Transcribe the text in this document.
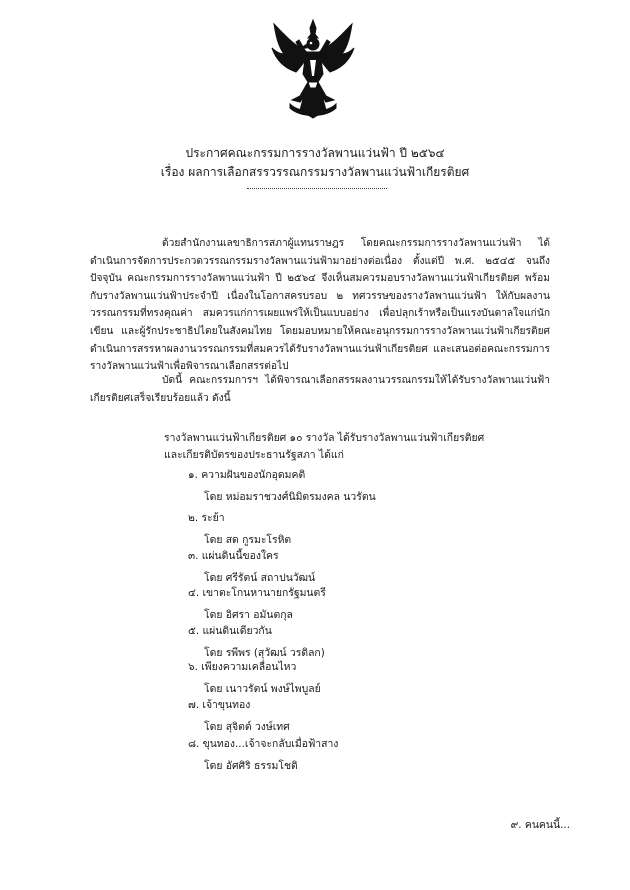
ประกาศคณะกรรมการรางวัลพานแว่นฟ้า ปี ๒๕๖๔
เรื่อง ผลการเลือกสรรวรรณกรรมรางวัลพานแว่นฟ้าเกียรติยศ
ด้วยสำนักงานเลขาธิการสภาผู้แทนราษฎร โดยคณะกรรมการรางวัลพานแว่นฟ้า ได้ดำเนินการจัดการประกวดวรรณกรรมรางวัลพานแว่นฟ้ามาอย่างต่อเนื่อง ตั้งแต่ปี พ.ศ. ๒๕๔๕ จนถึงปัจจุบัน คณะกรรมการรางวัลพานแว่นฟ้า ปี ๒๕๖๔ จึงเห็นสมควรมอบรางวัลพานแว่นฟ้าเกียรติยศ พร้อมกับรางวัลพานแว่นฟ้าประจำปี เนื่องในโอกาสครบรอบ ๒ ทศวรรษของรางวัลพานแว่นฟ้า ให้กับผลงานวรรณกรรมที่ทรงคุณค่า สมควรแก่การเผยแพร่ให้เป็นแบบอย่าง เพื่อปลุกเร้าหรือเป็นแรงบันดาลใจแก่นักเขียน และผู้รักประชาธิปไตยในสังคมไทย โดยมอบหมายให้คณะอนุกรรมการรางวัลพานแว่นฟ้าเกียรติยศ ดำเนินการสรรหาผลงานวรรณกรรมที่สมควรได้รับรางวัลพานแว่นฟ้าเกียรติยศ และเสนอต่อคณะกรรมการรางวัลพานแว่นฟ้าเพื่อพิจารณาเลือกสรรต่อไป
บัดนี้ คณะกรรมการฯ ได้พิจารณาเลือกสรรผลงานวรรณกรรมให้ได้รับรางวัลพานแว่นฟ้าเกียรติยศเสร็จเรียบร้อยแล้ว ดังนี้
รางวัลพานแว่นฟ้าเกียรติยศ ๑๐ รางวัล ได้รับรางวัลพานแว่นฟ้าเกียรติยศ
และเกียรติบัตรของประธานรัฐสภา ได้แก่
๑. ความฝันของนักอุดมคติ
โดย หม่อมราชวงศ์นิมิตรมงคล นวรัตน
๒. ระย้า
โดย สด กูรมะโรหิต
๓. แผ่นดินนี้ของใคร
โดย ศรีรัตน์ สถาปนวัฒน์
๔. เขาตะโกนหานายกรัฐมนตรี
โดย อิศรา อมันตกุล
๕. แผ่นดินเดียวกัน
โดย รพีพร (สุวัฒน์ วรดิลก)
๖. เพียงความเคลื่อนไหว
โดย เนาวรัตน์ พงษ์ไพบูลย์
๗. เจ้าขุนทอง
โดย สุจิตต์ วงษ์เทศ
๘. ขุนทอง...เจ้าจะกลับเมื่อฟ้าสาง
โดย อัศศิริ ธรรมโชติ
๙. คนคนนี้...
